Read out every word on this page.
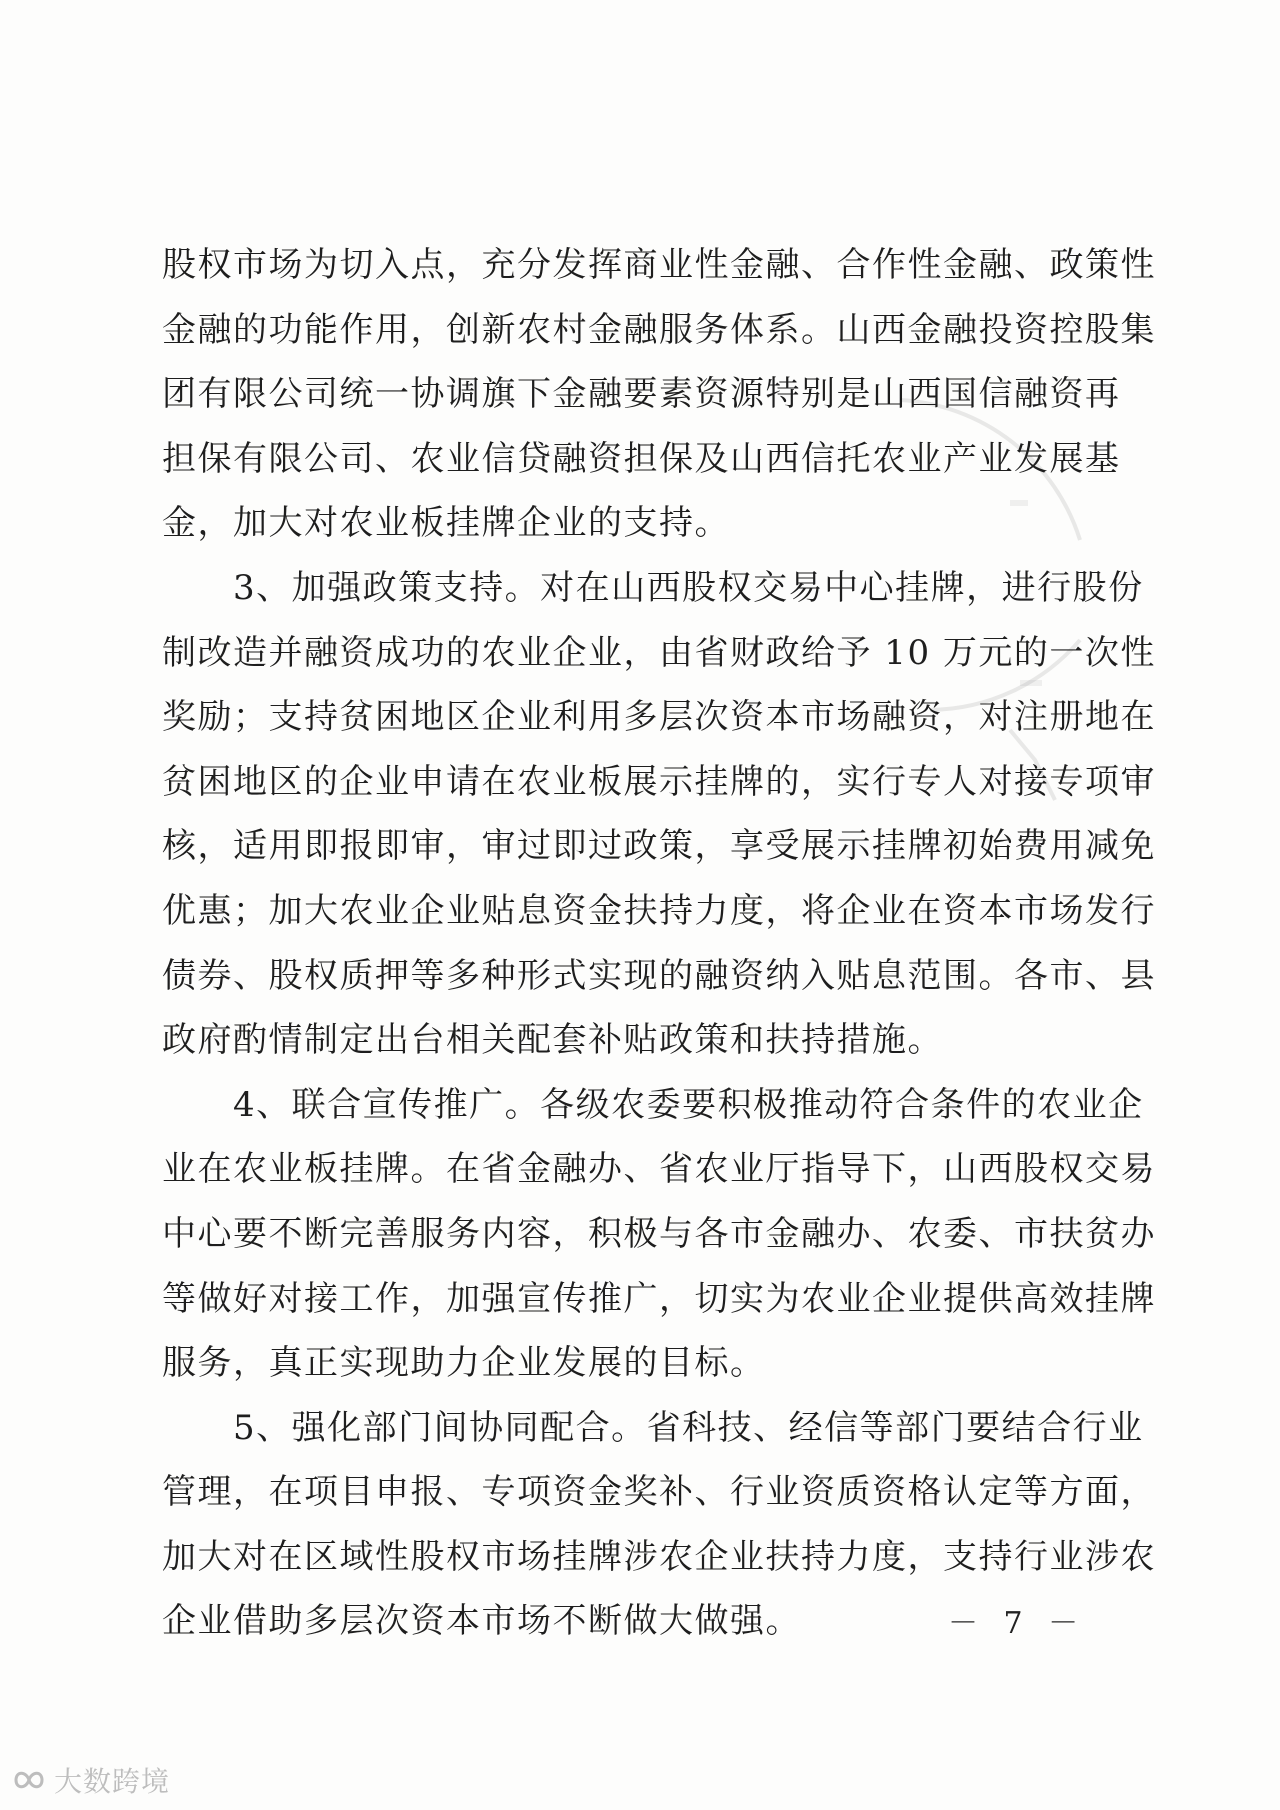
股权市场为切入点，充分发挥商业性金融、合作性金融、政策性
金融的功能作用，创新农村金融服务体系。山西金融投资控股集
团有限公司统一协调旗下金融要素资源特别是山西国信融资再
担保有限公司、农业信贷融资担保及山西信托农业产业发展基
金，加大对农业板挂牌企业的支持。
　　3、加强政策支持。对在山西股权交易中心挂牌，进行股份
制改造并融资成功的农业企业，由省财政给予 10 万元的一次性
奖励；支持贫困地区企业利用多层次资本市场融资，对注册地在
贫困地区的企业申请在农业板展示挂牌的，实行专人对接专项审
核，适用即报即审，审过即过政策，享受展示挂牌初始费用减免
优惠；加大农业企业贴息资金扶持力度，将企业在资本市场发行
债券、股权质押等多种形式实现的融资纳入贴息范围。各市、县
政府酌情制定出台相关配套补贴政策和扶持措施。
　　4、联合宣传推广。各级农委要积极推动符合条件的农业企
业在农业板挂牌。在省金融办、省农业厅指导下，山西股权交易
中心要不断完善服务内容，积极与各市金融办、农委、市扶贫办
等做好对接工作，加强宣传推广，切实为农业企业提供高效挂牌
服务，真正实现助力企业发展的目标。
　　5、强化部门间协同配合。省科技、经信等部门要结合行业
管理，在项目申报、专项资金奖补、行业资质资格认定等方面，
加大对在区域性股权市场挂牌涉农企业扶持力度，支持行业涉农
企业借助多层次资本市场不断做大做强。	－ 7 －
大数跨境
